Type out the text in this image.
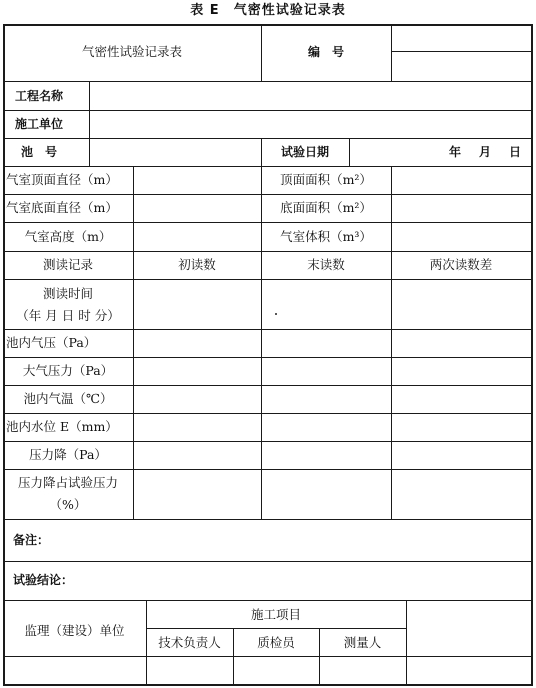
表 E 气密性试验记录表
气密性试验记录表	编　号
工程名称
施工单位
池　号	试验日期	年 月 日
气室顶面直径（m）	顶面面积（m²）
气室底面直径（m）	底面面积（m²）
气室高度（m）	气室体积（m³）
测读记录	初读数	末读数	两次读数差
测读时间
（年 月 日 时 分）
池内气压（Pa）
大气压力（Pa）
池内气温（℃）
池内水位 E（mm）
压力降（Pa）
压力降占试验压力
（%）
备注：
试验结论：
监理（建设）单位
施工项目
技术负责人	质检员	测量人
